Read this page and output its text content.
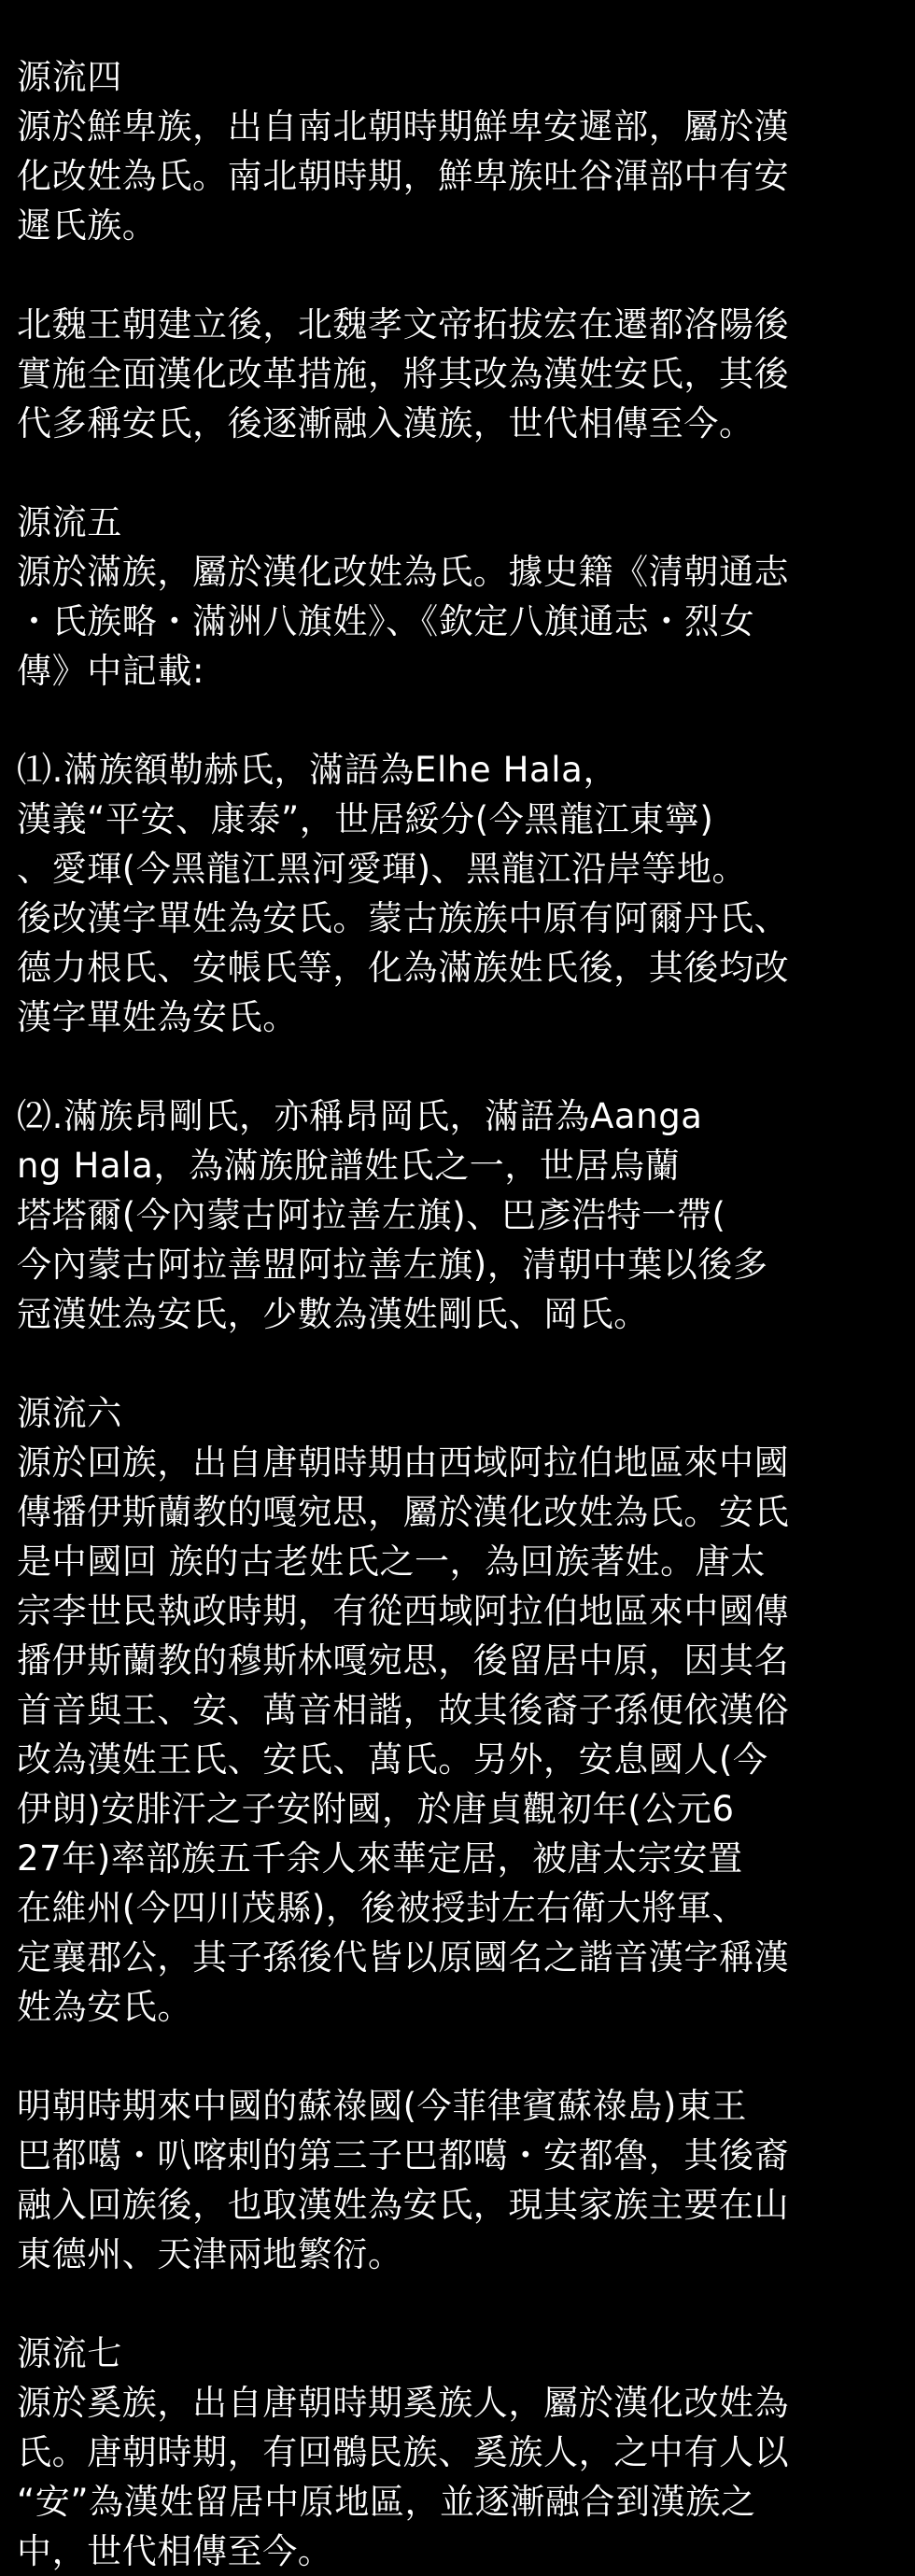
源流四
源於鮮卑族，出自南北朝時期鮮卑安遲部，屬於漢
化改姓為氏。南北朝時期，鮮卑族吐谷渾部中有安
遲氏族。
北魏王朝建立後，北魏孝文帝拓拔宏在遷都洛陽後
實施全面漢化改革措施，將其改為漢姓安氏，其後
代多稱安氏，後逐漸融入漢族，世代相傳至今。
源流五
源於滿族，屬於漢化改姓為氏。據史籍《清朝通志
・氏族略・滿洲八旗姓》、《欽定八旗通志・烈女
傳》中記載:
⑴.滿族額勒赫氏，滿語為Elhe Hala，
漢義“平安、康泰”，世居綏分(今黑龍江東寧)
、愛琿(今黑龍江黑河愛琿)、黑龍江沿岸等地。
後改漢字單姓為安氏。蒙古族族中原有阿爾丹氏、
德力根氏、安帳氏等，化為滿族姓氏後，其後均改
漢字單姓為安氏。
⑵.滿族昂剛氏，亦稱昂岡氏，滿語為Aanga
ng Hala，為滿族脫譜姓氏之一，世居烏蘭
塔塔爾(今內蒙古阿拉善左旗)、巴彥浩特一帶(
今內蒙古阿拉善盟阿拉善左旗)，清朝中葉以後多
冠漢姓為安氏，少數為漢姓剛氏、岡氏。
源流六
源於回族，出自唐朝時期由西域阿拉伯地區來中國
傳播伊斯蘭教的嘎宛思，屬於漢化改姓為氏。安氏
是中國回 族的古老姓氏之一，為回族著姓。唐太
宗李世民執政時期，有從西域阿拉伯地區來中國傳
播伊斯蘭教的穆斯林嘎宛思，後留居中原，因其名
首音與王、安、萬音相諧，故其後裔子孫便依漢俗
改為漢姓王氏、安氏、萬氏。另外，安息國人(今
伊朗)安腓汗之子安附國，於唐貞觀初年(公元6
27年)率部族五千余人來華定居，被唐太宗安置
在維州(今四川茂縣)，後被授封左右衛大將軍、
定襄郡公，其子孫後代皆以原國名之諧音漢字稱漢
姓為安氏。
明朝時期來中國的蘇祿國(今菲律賓蘇祿島)東王
巴都噶・叭喀剌的第三子巴都噶・安都魯，其後裔
融入回族後，也取漢姓為安氏，現其家族主要在山
東德州、天津兩地繁衍。
源流七
源於奚族，出自唐朝時期奚族人，屬於漢化改姓為
氏。唐朝時期，有回鶻民族、奚族人，之中有人以
“安”為漢姓留居中原地區，並逐漸融合到漢族之
中，世代相傳至今。
